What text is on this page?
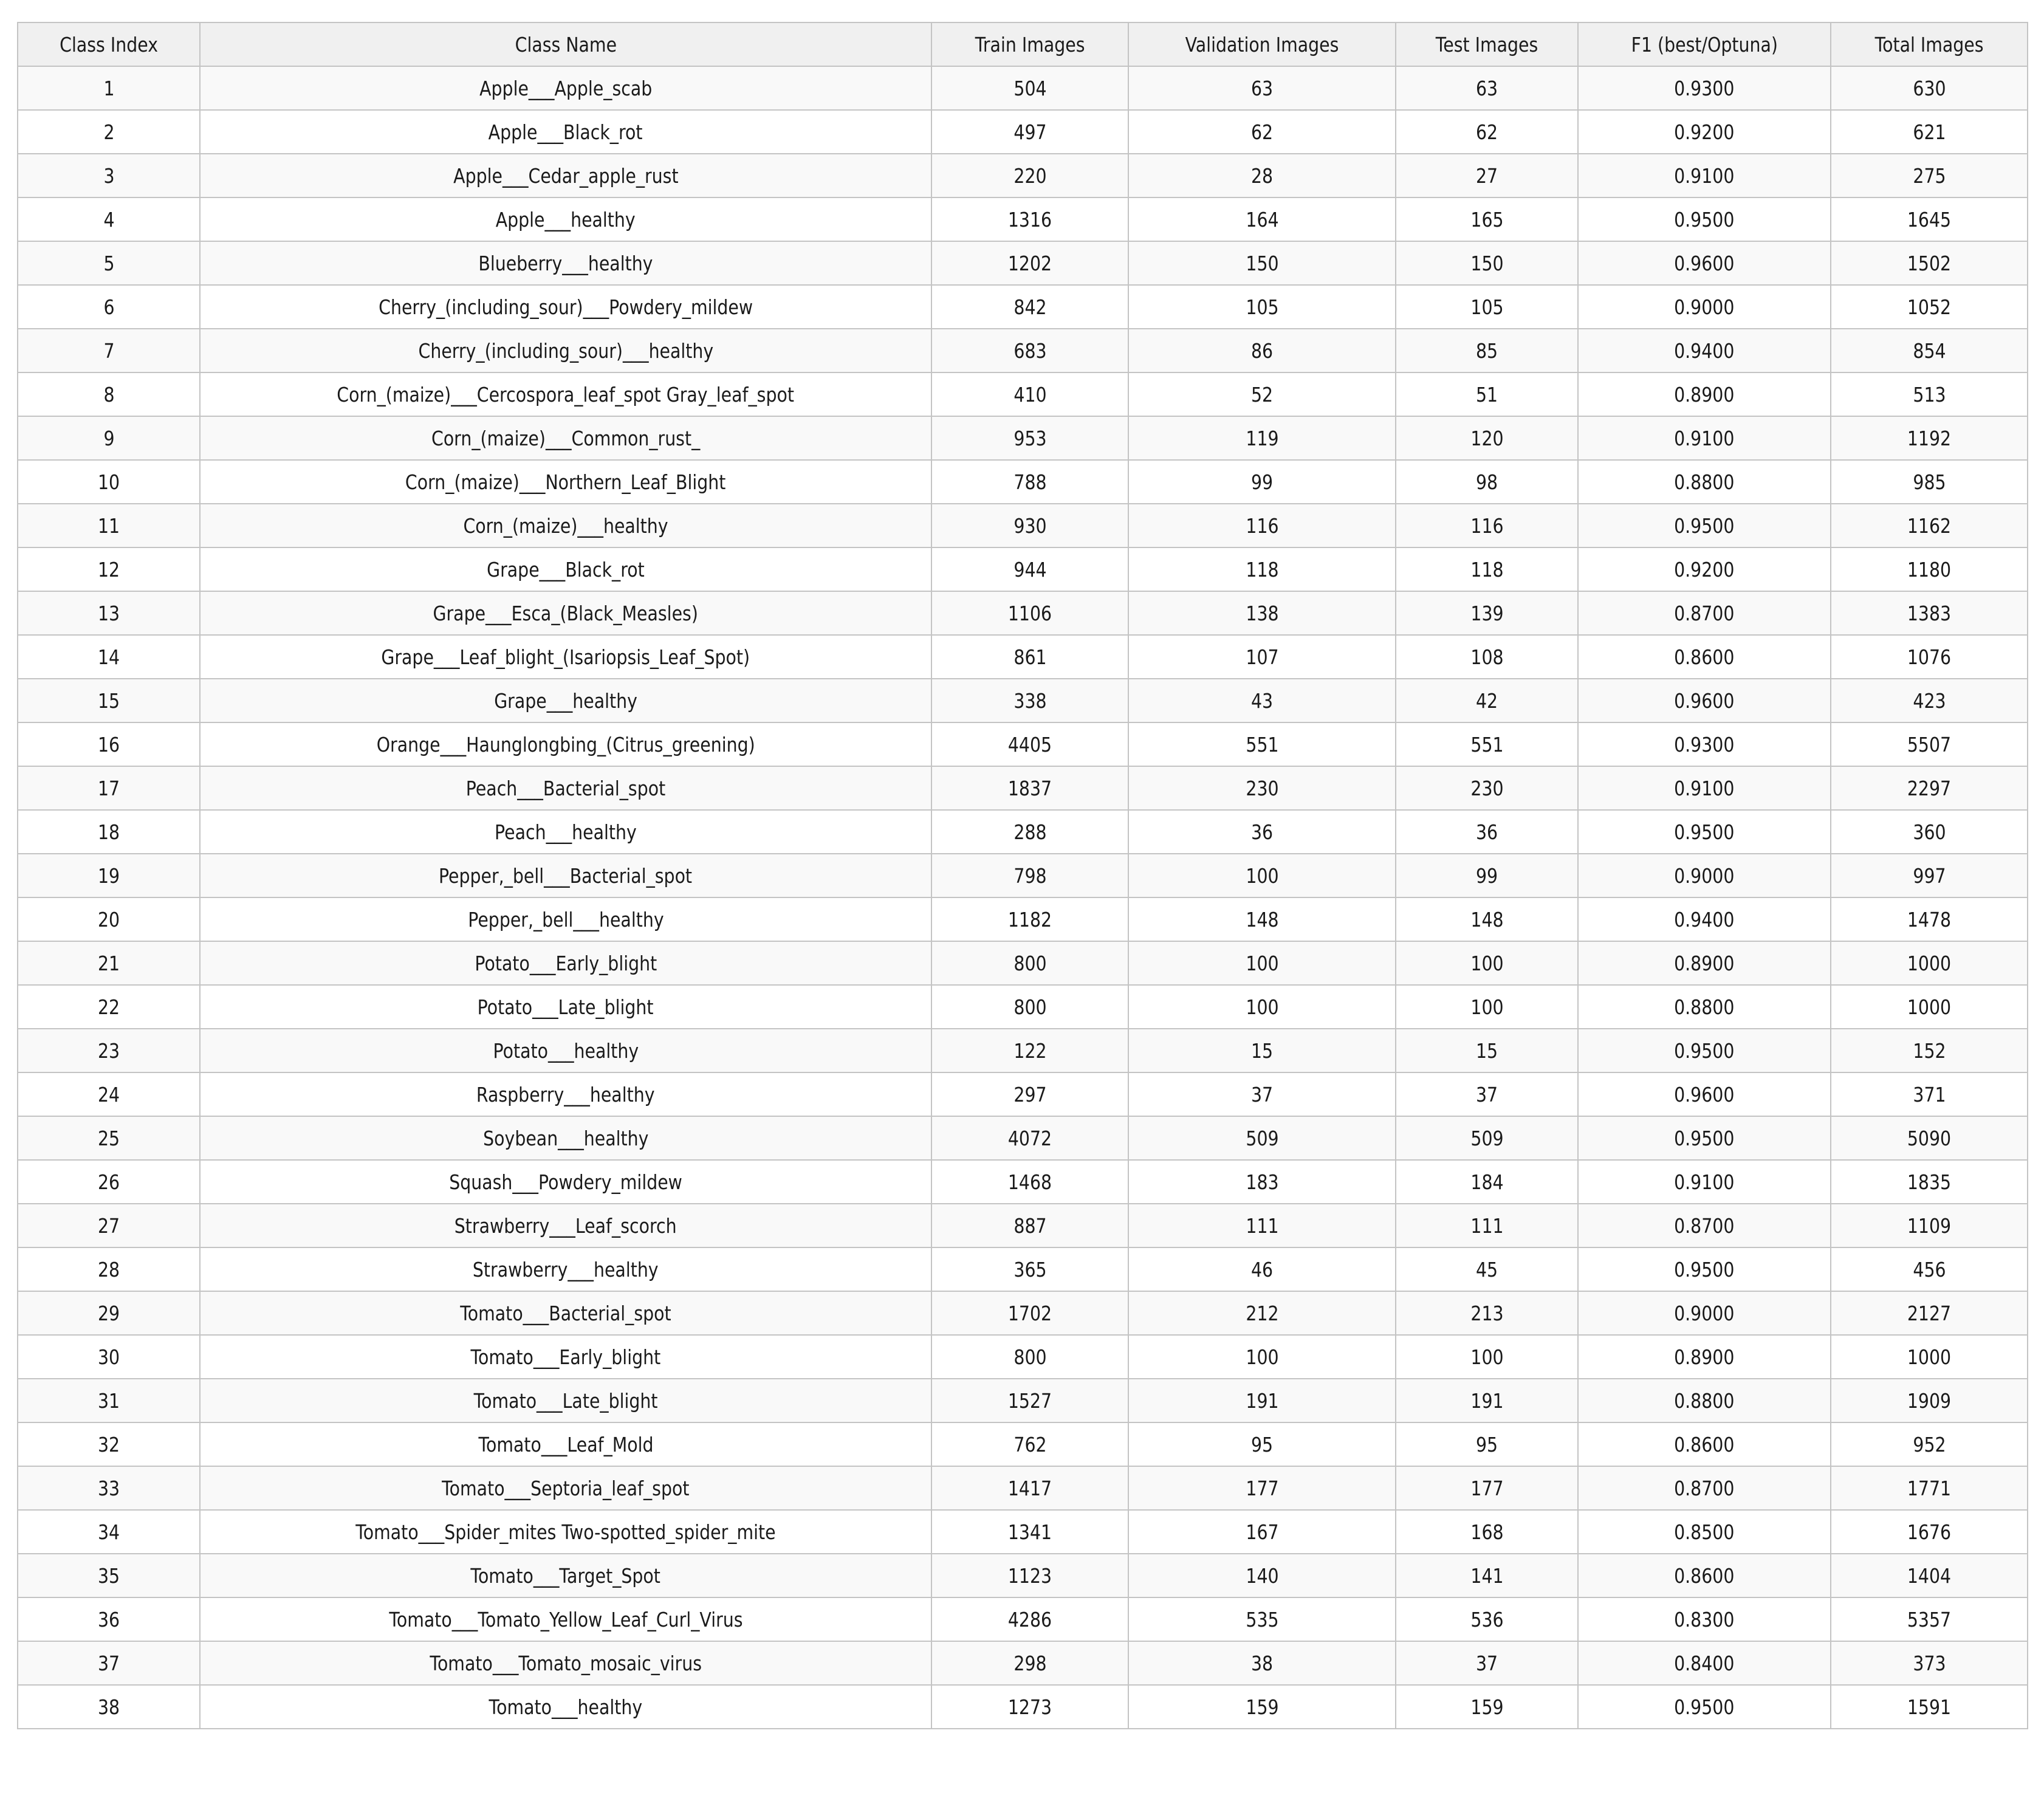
Class Index	Class Name	Train Images	Validation Images	Test Images	F1 (best/Optuna)	Total Images
1	Apple___Apple_scab	504	63	63	0.9300	630
2	Apple___Black_rot	497	62	62	0.9200	621
3	Apple___Cedar_apple_rust	220	28	27	0.9100	275
4	Apple___healthy	1316	164	165	0.9500	1645
5	Blueberry___healthy	1202	150	150	0.9600	1502
6	Cherry_(including_sour)___Powdery_mildew	842	105	105	0.9000	1052
7	Cherry_(including_sour)___healthy	683	86	85	0.9400	854
8	Corn_(maize)___Cercospora_leaf_spot Gray_leaf_spot	410	52	51	0.8900	513
9	Corn_(maize)___Common_rust_	953	119	120	0.9100	1192
10	Corn_(maize)___Northern_Leaf_Blight	788	99	98	0.8800	985
11	Corn_(maize)___healthy	930	116	116	0.9500	1162
12	Grape___Black_rot	944	118	118	0.9200	1180
13	Grape___Esca_(Black_Measles)	1106	138	139	0.8700	1383
14	Grape___Leaf_blight_(Isariopsis_Leaf_Spot)	861	107	108	0.8600	1076
15	Grape___healthy	338	43	42	0.9600	423
16	Orange___Haunglongbing_(Citrus_greening)	4405	551	551	0.9300	5507
17	Peach___Bacterial_spot	1837	230	230	0.9100	2297
18	Peach___healthy	288	36	36	0.9500	360
19	Pepper,_bell___Bacterial_spot	798	100	99	0.9000	997
20	Pepper,_bell___healthy	1182	148	148	0.9400	1478
21	Potato___Early_blight	800	100	100	0.8900	1000
22	Potato___Late_blight	800	100	100	0.8800	1000
23	Potato___healthy	122	15	15	0.9500	152
24	Raspberry___healthy	297	37	37	0.9600	371
25	Soybean___healthy	4072	509	509	0.9500	5090
26	Squash___Powdery_mildew	1468	183	184	0.9100	1835
27	Strawberry___Leaf_scorch	887	111	111	0.8700	1109
28	Strawberry___healthy	365	46	45	0.9500	456
29	Tomato___Bacterial_spot	1702	212	213	0.9000	2127
30	Tomato___Early_blight	800	100	100	0.8900	1000
31	Tomato___Late_blight	1527	191	191	0.8800	1909
32	Tomato___Leaf_Mold	762	95	95	0.8600	952
33	Tomato___Septoria_leaf_spot	1417	177	177	0.8700	1771
34	Tomato___Spider_mites Two-spotted_spider_mite	1341	167	168	0.8500	1676
35	Tomato___Target_Spot	1123	140	141	0.8600	1404
36	Tomato___Tomato_Yellow_Leaf_Curl_Virus	4286	535	536	0.8300	5357
37	Tomato___Tomato_mosaic_virus	298	38	37	0.8400	373
38	Tomato___healthy	1273	159	159	0.9500	1591
